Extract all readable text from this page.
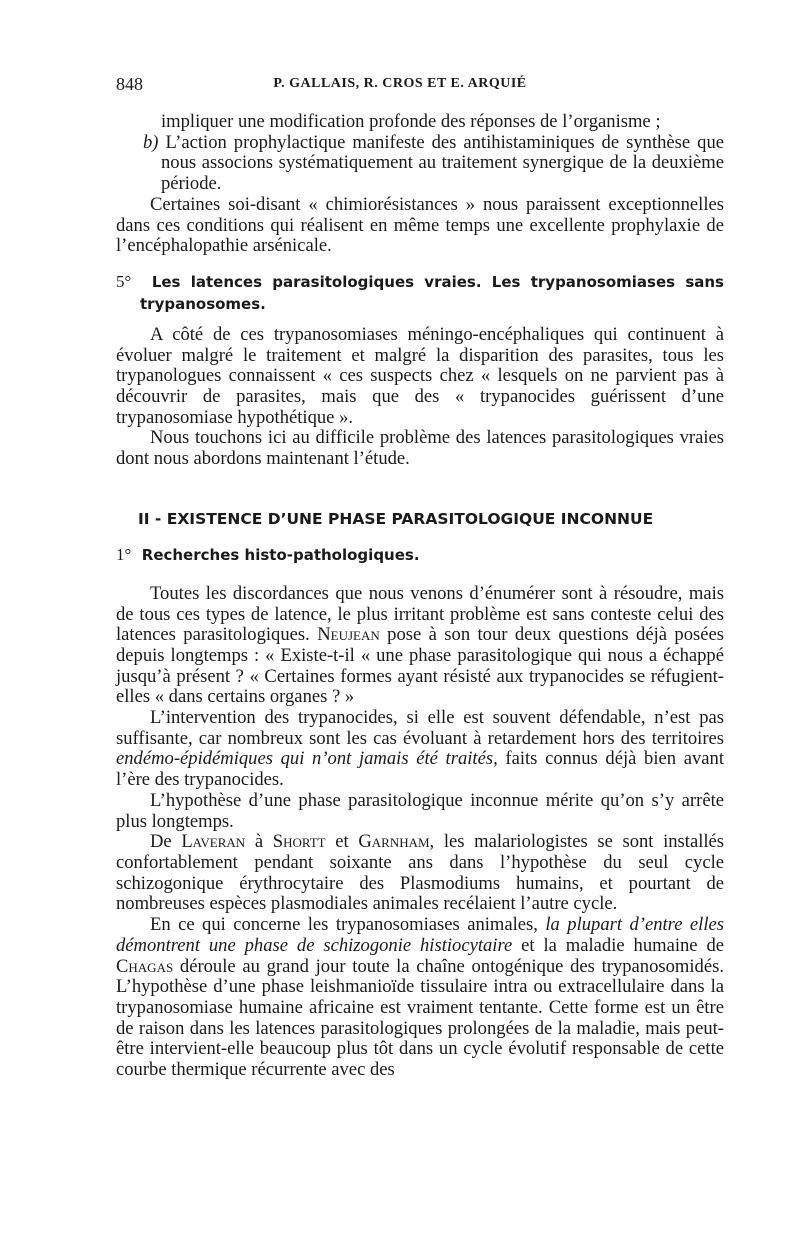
848	P. GALLAIS, R. CROS ET E. ARQUIÉ

impliquer une modification profonde des réponses de l’organisme ;

b) L’action prophylactique manifeste des antihistaminiques de synthèse que nous associons systématiquement au traitement synergique de la deuxième période.

Certaines soi-disant « chimiorésistances » nous paraissent exceptionnelles dans ces conditions qui réalisent en même temps une excellente prophylaxie de l’encéphalopathie arsénicale.

5° Les latences parasitologiques vraies. Les trypanosomiases sans trypanosomes.

A côté de ces trypanosomiases méningo-encéphaliques qui continuent à évoluer malgré le traitement et malgré la disparition des parasites, tous les trypanologues connaissent « ces suspects chez « lesquels on ne parvient pas à découvrir de parasites, mais que des « trypanocides guérissent d’une trypanosomiase hypothétique ».

Nous touchons ici au difficile problème des latences parasitologiques vraies dont nous abordons maintenant l’étude.

II - EXISTENCE D’UNE PHASE PARASITOLOGIQUE INCONNUE
1° Recherches histo-pathologiques.

Toutes les discordances que nous venons d’énumérer sont à résoudre, mais de tous ces types de latence, le plus irritant problème est sans conteste celui des latences parasitologiques. Neujean pose à son tour deux questions déjà posées depuis longtemps : « Existe-t-il « une phase parasitologique qui nous a échappé jusqu’à présent ? « Certaines formes ayant résisté aux trypanocides se réfugient-elles « dans certains organes ? »

L’intervention des trypanocides, si elle est souvent défendable, n’est pas suffisante, car nombreux sont les cas évoluant à retardement hors des territoires endémo-épidémiques qui n’ont jamais été traités, faits connus déjà bien avant l’ère des trypanocides.

L’hypothèse d’une phase parasitologique inconnue mérite qu’on s’y arrête plus longtemps.

De Laveran à Shortt et Garnham, les malariologistes se sont installés confortablement pendant soixante ans dans l’hypothèse du seul cycle schizogonique érythrocytaire des Plasmodiums humains, et pourtant de nombreuses espèces plasmodiales animales recélaient l’autre cycle.

En ce qui concerne les trypanosomiases animales, la plupart d’entre elles démontrent une phase de schizogonie histiocytaire et la maladie humaine de Chagas déroule au grand jour toute la chaîne ontogénique des trypanosomidés. L’hypothèse d’une phase leishmanioïde tissulaire intra ou extracellulaire dans la trypanosomiase humaine africaine est vraiment tentante. Cette forme est un être de raison dans les latences parasitologiques prolongées de la maladie, mais peut-être intervient-elle beaucoup plus tôt dans un cycle évolutif responsable de cette courbe thermique récurrente avec des
